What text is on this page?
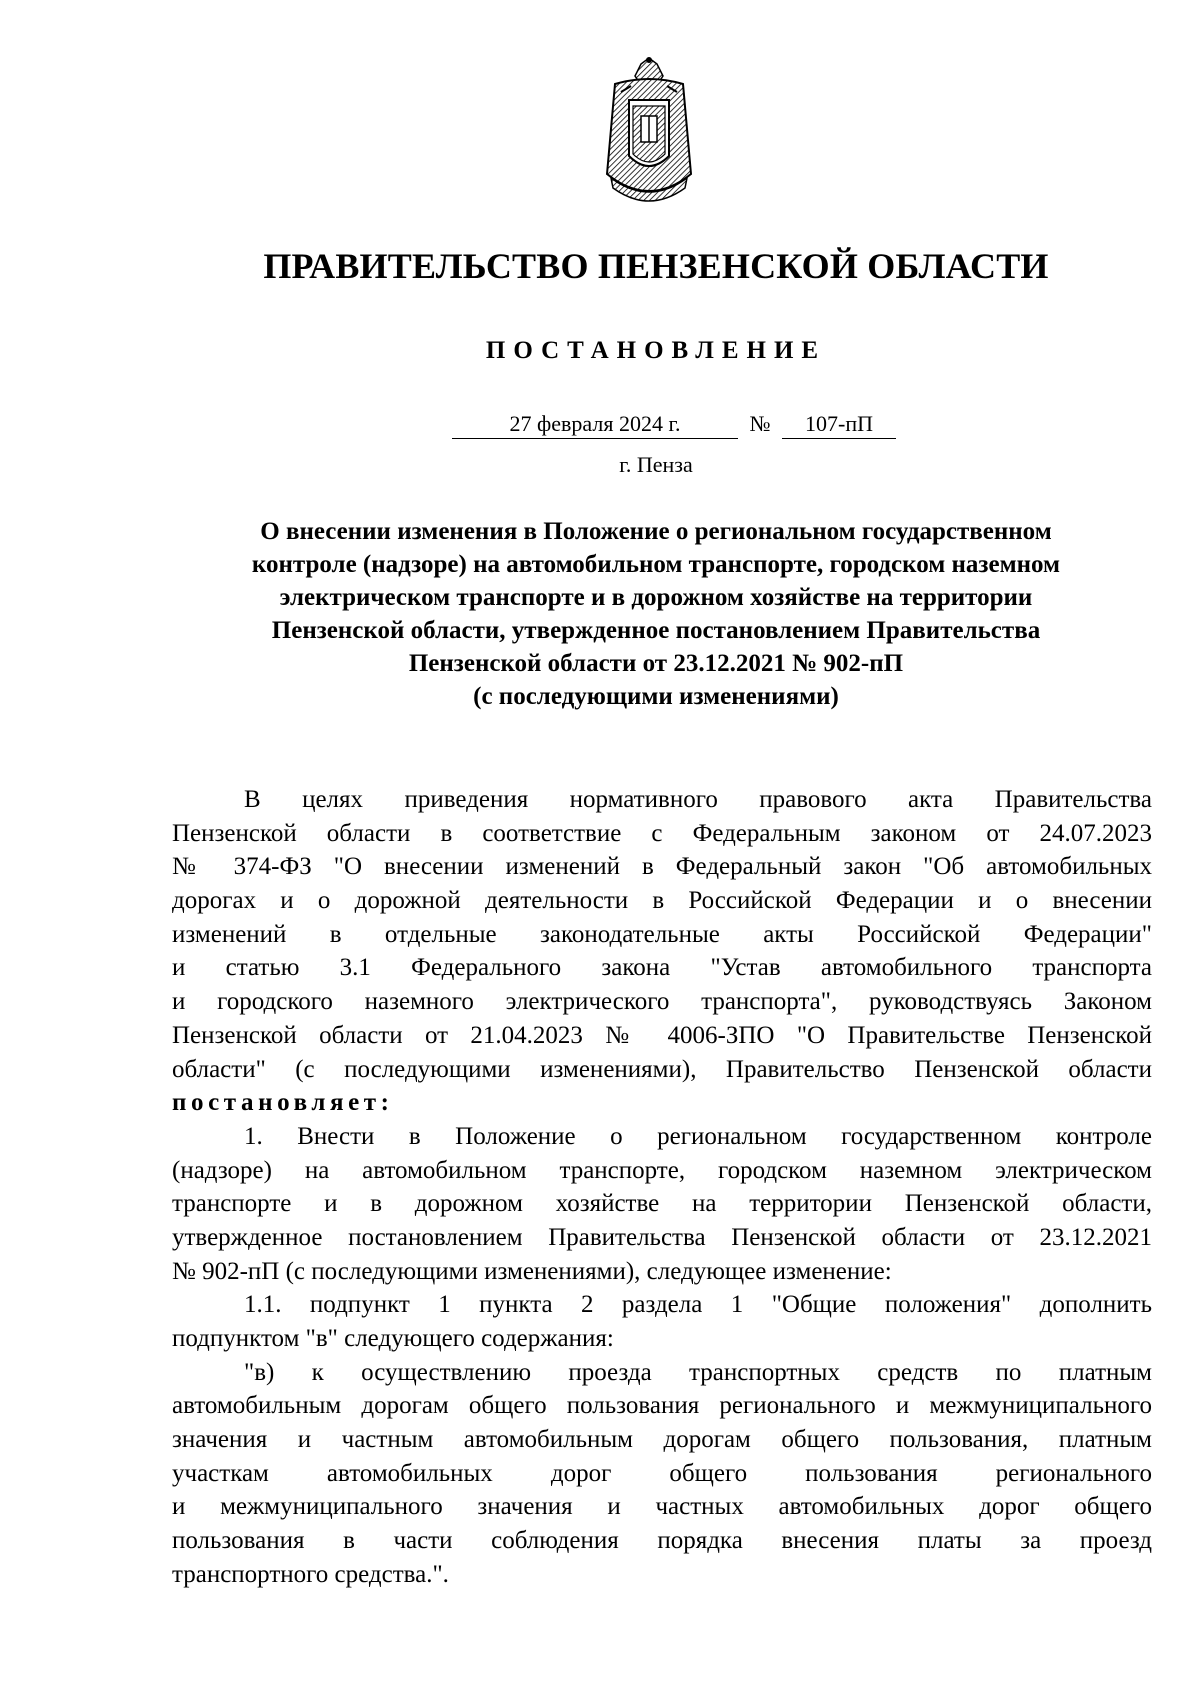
ПРАВИТЕЛЬСТВО ПЕНЗЕНСКОЙ ОБЛАСТИ
ПОСТАНОВЛЕНИЕ
27 февраля 2024 г.	№	107-пП
г. Пенза
О внесении изменения в Положение о региональном государственном
контроле (надзоре) на автомобильном транспорте, городском наземном
электрическом транспорте и в дорожном хозяйстве на территории
Пензенской области, утвержденное постановлением Правительства
Пензенской области от 23.12.2021 № 902-пП
(с последующими изменениями)
В целях приведения нормативного правового акта Правительства
Пензенской области в соответствие с Федеральным законом от 24.07.2023
№ 374-ФЗ "О внесении изменений в Федеральный закон "Об автомобильных
дорогах и о дорожной деятельности в Российской Федерации и о внесении
изменений в отдельные законодательные акты Российской Федерации"
и статью 3.1 Федерального закона "Устав автомобильного транспорта
и городского наземного электрического транспорта", руководствуясь Законом
Пензенской области от 21.04.2023 № 4006-ЗПО "О Правительстве Пензенской
области" (с последующими изменениями), Правительство Пензенской области
постановляет:
1. Внести в Положение о региональном государственном контроле
(надзоре) на автомобильном транспорте, городском наземном электрическом
транспорте и в дорожном хозяйстве на территории Пензенской области,
утвержденное постановлением Правительства Пензенской области от 23.12.2021
№ 902-пП (с последующими изменениями), следующее изменение:
1.1. подпункт 1 пункта 2 раздела 1 "Общие положения" дополнить
подпунктом "в" следующего содержания:
"в) к осуществлению проезда транспортных средств по платным
автомобильным дорогам общего пользования регионального и межмуниципального
значения и частным автомобильным дорогам общего пользования, платным
участкам автомобильных дорог общего пользования регионального
и межмуниципального значения и частных автомобильных дорог общего
пользования в части соблюдения порядка внесения платы за проезд
транспортного средства.".
